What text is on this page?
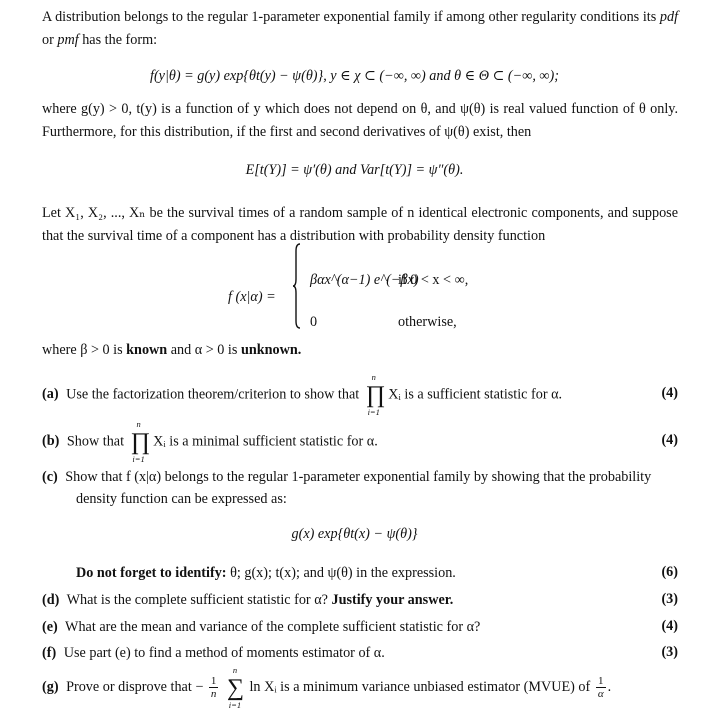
A distribution belongs to the regular 1-parameter exponential family if among other regularity conditions its pdf or pmf has the form:

f(y|θ) = g(y) exp{θt(y) − ψ(θ)}, y ∈ χ ⊂ (−∞, ∞) and θ ∈ Θ ⊂ (−∞, ∞);

where g(y) > 0, t(y) is a function of y which does not depend on θ, and ψ(θ) is real valued function of θ only. Furthermore, for this distribution, if the first and second derivatives of ψ(θ) exist, then

E[t(Y)] = ψ′(θ) and Var[t(Y)] = ψ″(θ).

Let X₁, X₂, ..., Xₙ be the survival times of a random sample of n identical electronic components, and suppose that the survival time of a component has a distribution with probability density function

f (x|α) =
βαx^(α−1) e^(−βx)
if 0 < x < ∞,
0	otherwise,

where β > 0 is known and α > 0 is unknown.

(a) Use the factorization theorem/criterion to show that
n
∏
i=1
Xᵢ is a sufficient statistic for α.	(4)
(b) Show that
n
∏
i=1
Xᵢ is a minimal sufficient statistic for α.	(4)
(c) Show that f (x|α) belongs to the regular 1-parameter exponential family by showing that the probability density function can be expressed as:
g(x) exp{θt(x) − ψ(θ)}
Do not forget to identify: θ; g(x); t(x); and ψ(θ) in the expression.	(6)
(d) What is the complete sufficient statistic for α? Justify your answer.	(3)
(e) What are the mean and variance of the complete sufficient statistic for α?	(4)
(f) Use part (e) to find a method of moments estimator of α.	(3)
(g) Prove or disprove that − $\frac{1}{n}$

n
∑
i=1
ln Xᵢ is a minimum variance unbiased estimator (MVUE) of $\frac{1}{\alpha}$ .
